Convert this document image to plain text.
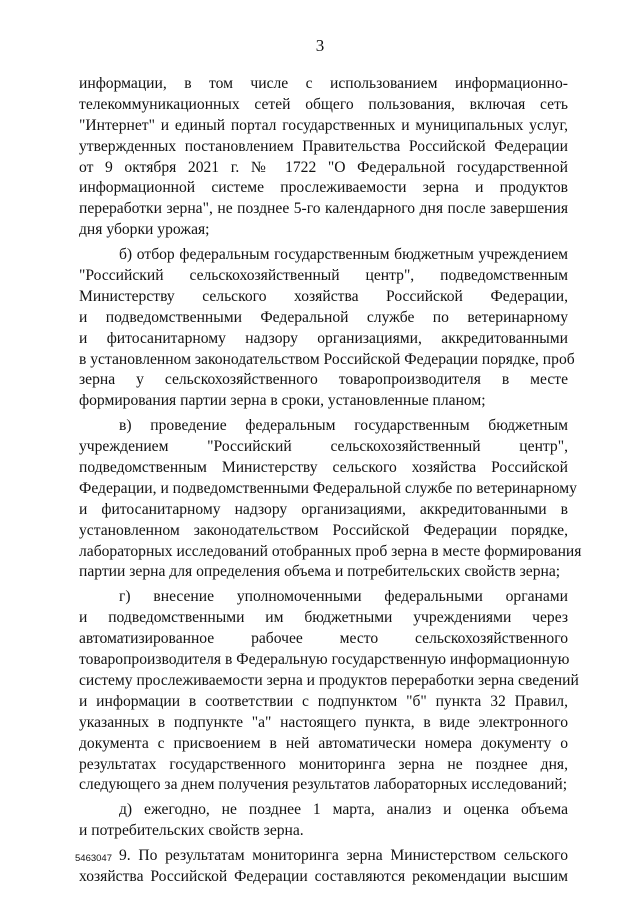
3
информации, в том числе с использованием информационно-
телекоммуникационных сетей общего пользования, включая сеть
"Интернет" и единый портал государственных и муниципальных услуг,
утвержденных постановлением Правительства Российской Федерации
от 9 октября 2021 г. № 1722 "О Федеральной государственной
информационной системе прослеживаемости зерна и продуктов
переработки зерна", не позднее 5-го календарного дня после завершения
дня уборки урожая;
б) отбор федеральным государственным бюджетным учреждением
"Российский сельскохозяйственный центр", подведомственным
Министерству сельского хозяйства Российской Федерации,
и подведомственными Федеральной службе по ветеринарному
и фитосанитарному надзору организациями, аккредитованными
в установленном законодательством Российской Федерации порядке, проб
зерна у сельскохозяйственного товаропроизводителя в месте
формирования партии зерна в сроки, установленные планом;
в) проведение федеральным государственным бюджетным
учреждением "Российский сельскохозяйственный центр",
подведомственным Министерству сельского хозяйства Российской
Федерации, и подведомственными Федеральной службе по ветеринарному
и фитосанитарному надзору организациями, аккредитованными в
установленном законодательством Российской Федерации порядке,
лабораторных исследований отобранных проб зерна в месте формирования
партии зерна для определения объема и потребительских свойств зерна;
г) внесение уполномоченными федеральными органами
и подведомственными им бюджетными учреждениями через
автоматизированное рабочее место сельскохозяйственного
товаропроизводителя в Федеральную государственную информационную
систему прослеживаемости зерна и продуктов переработки зерна сведений
и информации в соответствии с подпунктом "б" пункта 32 Правил,
указанных в подпункте "а" настоящего пункта, в виде электронного
документа с присвоением в ней автоматически номера документу о
результатах государственного мониторинга зерна не позднее дня,
следующего за днем получения результатов лабораторных исследований;
д) ежегодно, не позднее 1 марта, анализ и оценка объема
и потребительских свойств зерна.
9. По результатам мониторинга зерна Министерством сельского
хозяйства Российской Федерации составляются рекомендации высшим
5463047
